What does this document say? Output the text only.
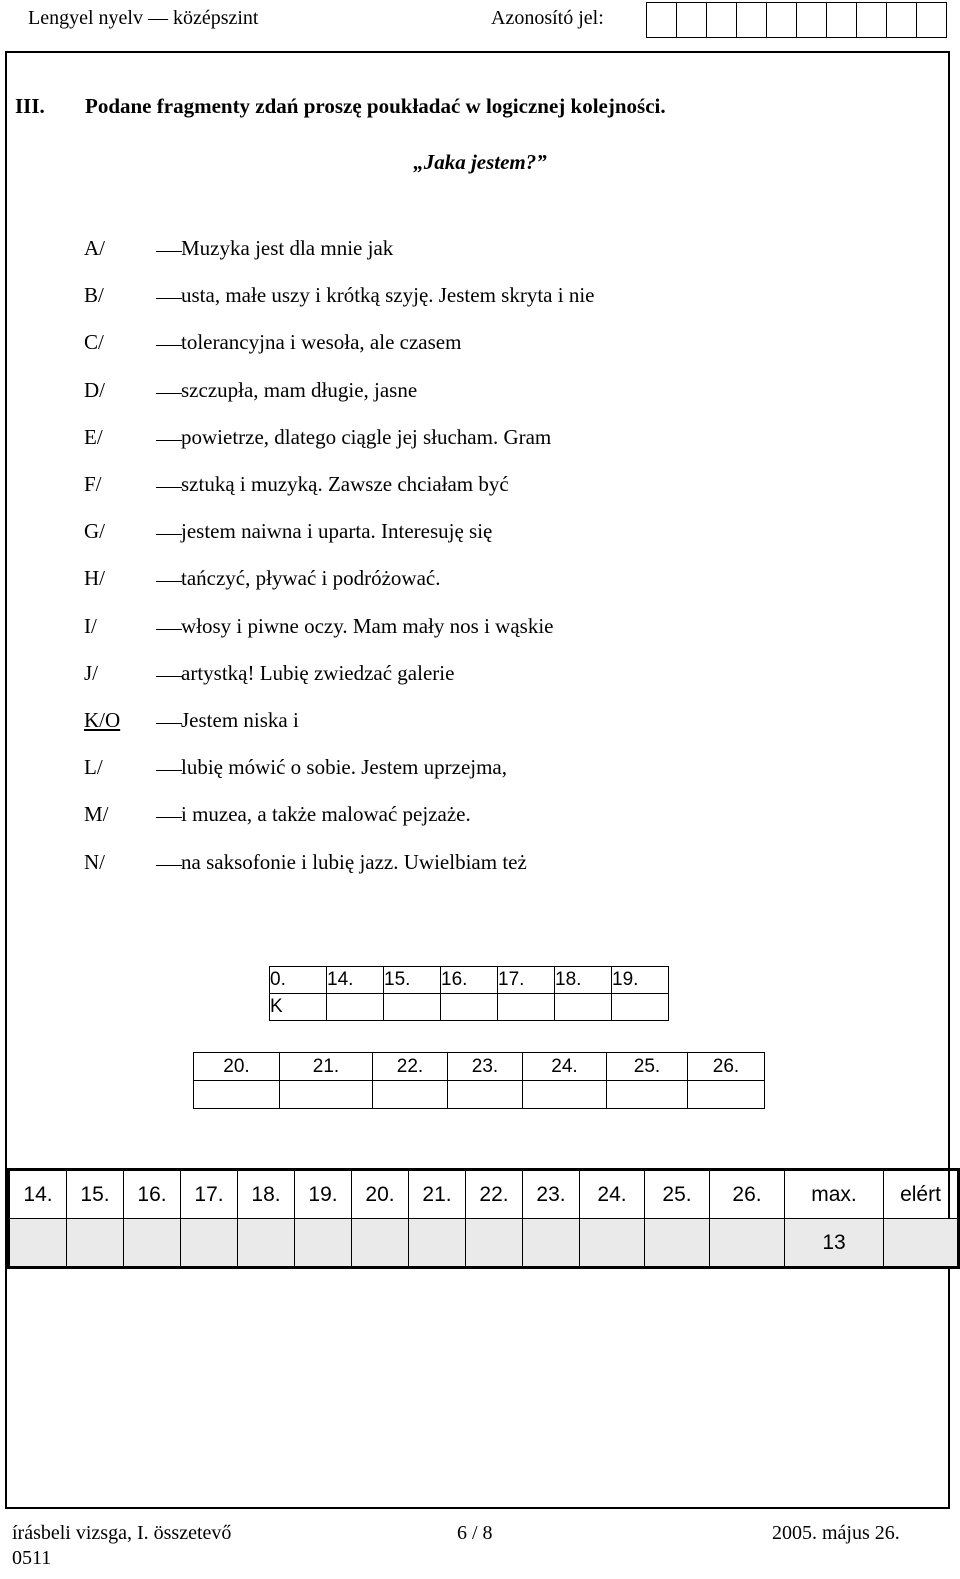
Lengyel nyelv — középszint	Azonosító jel:
III. Podane fragmenty zdań proszę poukładać w logicznej kolejności.
„Jaka jestem?”
A/	Muzyka jest dla mnie jak
B/	usta, małe uszy i krótką szyję. Jestem skryta i nie
C/	tolerancyjna i wesoła, ale czasem
D/	szczupła, mam długie, jasne
E/	powietrze, dlatego ciągle jej słucham. Gram
F/	sztuką i muzyką. Zawsze chciałam być
G/	jestem naiwna i uparta. Interesuję się
H/	tańczyć, pływać i podróżować.
I/	włosy i piwne oczy. Mam mały nos i wąskie
J/	artystką! Lubię zwiedzać galerie
K/O	Jestem niska i
L/	lubię mówić o sobie. Jestem uprzejma,
M/	i muzea, a także malować pejzaże.
N/	na saksofonie i lubię jazz. Uwielbiam też
0.	14.	15.	16.	17.	18.	19.
K						
20.	21.	22.	23.	24.	25.	26.

14.	15.	16.	17.	18.	19.	20.	21.	22.	23.	24.	25.	26.	max.	elért
													13	
írásbeli vizsga, I. összetevő
0511
6 / 8	2005. május 26.
